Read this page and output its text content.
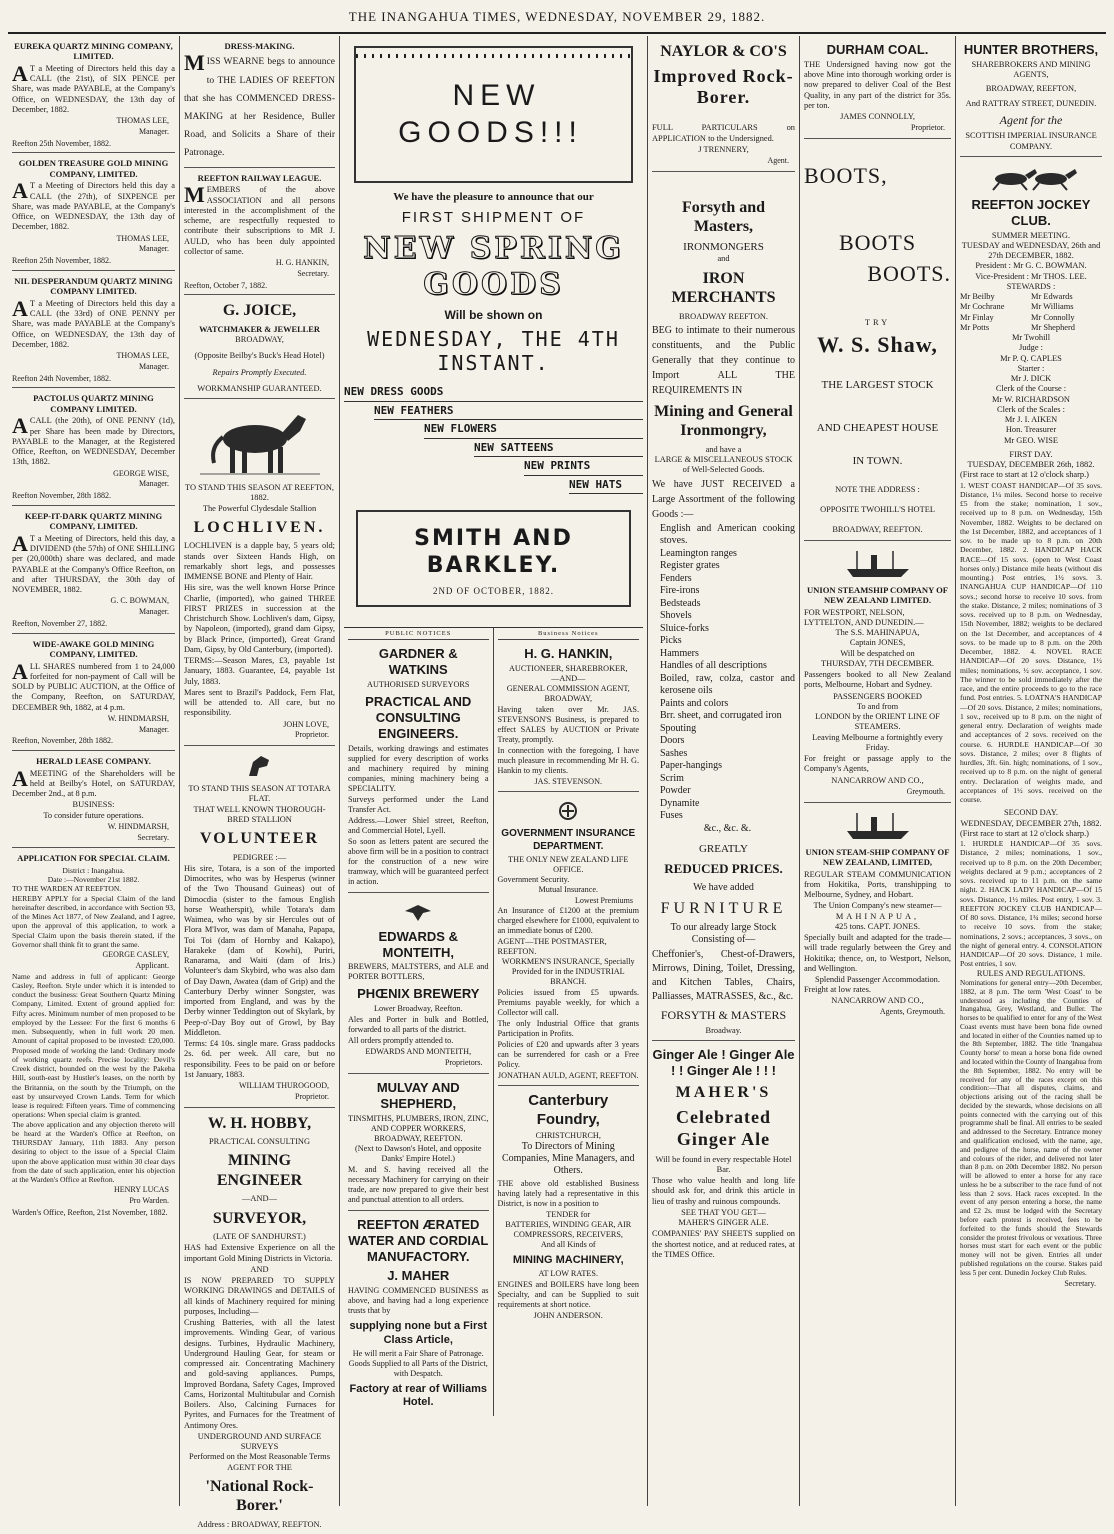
THE INANGAHUA TIMES, WEDNESDAY, NOVEMBER 29, 1882.
EUREKA QUARTZ MINING COMPANY, LIMITED.

A T a Meeting of Directors held this day a CALL (the 21st), of SIX PENCE per Share, was made PAYABLE, at the Company's Office, on WEDNESDAY, the 13th day of December, 1882.

THOMAS LEE,
Manager.
Reefton 25th November, 1882.
GOLDEN TREASURE GOLD MINING COMPANY, LIMITED.

A T a Meeting of Directors held this day a CALL (the 27th), of SIXPENCE per Share, was made PAYABLE, at the Company's Office, on WEDNESDAY, the 13th day of December, 1882.

THOMAS LEE,
Manager.
Reefton 25th November, 1882.
NIL DESPERANDUM QUARTZ MINING COMPANY LIMITED.

A T a Meeting of Directors held this day a CALL (the 33rd) of ONE PENNY per Share, was made PAYABLE at the Company's Office, on WEDNESDAY, the 13th day of December, 1882.

THOMAS LEE,
Manager.
Reefton 24th November, 1882.
PACTOLUS QUARTZ MINING COMPANY LIMITED.

ACALL (the 20th), of ONE PENNY (1d), per Share has been made by Directors, PAYABLE to the Manager, at the Registered Office, Reefton, on WEDNESDAY, December 13th, 1882.

GEORGE WISE,
Manager.
Reefton November, 28th 1882.
KEEP-IT-DARK QUARTZ MINING COMPANY, LIMITED.

A T a Meeting of Directors, held this day, a DIVIDEND (the 57th) of ONE SHILLING per (20,000th) share was declared, and made PAYABLE at the Company's Office Reefton, on and after THURSDAY, the 30th day of NOVEMBER, 1882.

G. C. BOWMAN,
Manager.
Reefton, November 27, 1882.
WIDE-AWAKE GOLD MINING COMPANY, LIMITED.

ALL SHARES numbered from 1 to 24,000 forfeited for non-payment of Call will be SOLD by PUBLIC AUCTION, at the Office of the Company, Reefton, on SATURDAY, DECEMBER 9th, 1882, at 4 p.m.

W. HINDMARSH,
Manager.
Reefton, November, 28th 1882.
HERALD LEASE COMPANY.

AMEETING of the Shareholders will be held at Beilby's Hotel, on SATURDAY, December 2nd., at 8 p.m.

BUSINESS:
To consider future operations.
W. HINDMARSH,
Secretary.
APPLICATION FOR SPECIAL CLAIM.
District : Inangahua.
Date :—November 21st 1882.
TO THE WARDEN AT REEFTON.

HEREBY APPLY for a Special Claim of the land hereinafter described, in accordance with Section 93, of the Mines Act 1877, of New Zealand, and I agree, upon the approval of this application, to work a Special Claim upon the basis therein stated, if the Governor shall think fit to grant the same.

GEORGE CASLEY,
Applicant.

Name and address in full of applicant: George Casley, Reefton. Style under which it is intended to conduct the business: Great Southern Quartz Mining Company, Limited. Extent of ground applied for: Fifty acres. Minimum number of men proposed to be employed by the Lessee: For the first 6 months 6 men. Subsequently, when in full work 20 men. Amount of capital proposed to be invested: £20,000. Proposed mode of working the land: Ordinary mode of working quartz reefs. Precise locality: Devil's Creek district, bounded on the west by the Pakeha Hill, south-east by Hustler's leases, on the north by the Britannia, on the south by the Triumph, on the east by unsurveyed Crown Lands. Term for which lease is required: Fifteen years. Time of commencing operations: When special claim is granted.

The above application and any objection thereto will be heard at the Warden's Office at Reefton, on THURSDAY January, 11th 1883. Any person desiring to object to the issue of a Special Claim upon the above application must within 30 clear days from the date of such application, enter his objection at the Warden's Office at Reefton.

HENRY LUCAS
Pro Warden.
Warden's Office, Reefton, 21st November, 1882.
DRESS-MAKING.

MISS WEARNE begs to announce to THE LADIES OF REEFTON that she has COMMENCED DRESS-MAKING at her Residence, Buller Road, and Solicits a Share of their Patronage.

REEFTON RAILWAY LEAGUE.

MEMBERS of the above ASSOCIATION and all persons interested in the accomplishment of the scheme, are respectfully requested to contribute their subscriptions to MR J. AULD, who has been duly appointed collector of same.

H. G. HANKIN,
Secretary.
Reefton, October 7, 1882.
G. JOICE,
WATCHMAKER & JEWELLER
BROADWAY,
(Opposite Beilby's Buck's Head Hotel)
Repairs Promptly Executed.
WORKMANSHIP GUARANTEED.
TO STAND THIS SEASON AT REEFTON, 1882.
The Powerful Clydesdale Stallion
LOCHLIVEN.

LOCHLIVEN is a dapple bay, 5 years old; stands over Sixteen Hands High, on remarkably short legs, and possesses IMMENSE BONE and Plenty of Hair.

His sire, was the well known Horse Prince Charlie, (imported), who gained THREE FIRST PRIZES in succession at the Christchurch Show. Lochliven's dam, Gipsy, by Napoleon, (imported), grand dam Gipsy, by Black Prince, (imported), Great Grand Dam, Gipsy, by Old Canterbury, (imported).

TERMS:—Season Mares, £3, payable 1st January, 1883. Guarantee, £4, payable 1st July, 1883.

Mares sent to Brazil's Paddock, Fern Flat, will be attended to. All care, but no responsibility.

JOHN LOVE,
Proprietor.
TO STAND THIS SEASON AT TOTARA FLAT.
THAT WELL KNOWN THOROUGH-BRED STALLION
VOLUNTEER
PEDIGREE :—

His sire, Totara, is a son of the imported Dimocrites, who was by Hesperus (winner of the Two Thousand Guineas) out of Dimocdia (sister to the famous English horse Weatherspit), while Totara's dam Waimea, who was by sir Hercules out of Flora M'Ivor, was dam of Manaha, Papapa, Toi Toi (dam of Hornby and Kakapo), Harakeke (dam of Kowhi), Puriri, Ranarama, and Waiti (dam of Iris.) Volunteer's dam Skybird, who was also dam of Day Dawn, Awatea (dam of Grip) and the Canterbury Derby winner Songster, was imported from England, and was by the Derby winner Teddington out of Skylark, by Peep-o'-Day Boy out of Growl, by Bay Middleton.

Terms: £4 10s. single mare. Grass paddocks 2s. 6d. per week. All care, but no responsibility. Fees to be paid on or before 1st January, 1883.

WILLIAM THUROGOOD,
Proprietor.
W. H. HOBBY,
PRACTICAL CONSULTING
MINING ENGINEER
—AND—
SURVEYOR,
(LATE OF SANDHURST.)

HAS had Extensive Experience on all the important Gold Mining Districts in Victoria.

AND

IS NOW PREPARED TO SUPPLY WORKING DRAWINGS and DETAILS of all kinds of Machinery required for mining purposes, Including—

Crushing Batteries, with all the latest improvements. Winding Gear, of various designs. Turbines, Hydraulic Machinery, Underground Hauling Gear, for steam or compressed air. Concentrating Machinery and gold-saving appliances. Pumps, Improved Bordana, Safety Cages, Improved Cams, Horizontal Multitubular and Cornish Boilers. Also, Calcining Furnaces for Pyrites, and Furnaces for the Treatment of Antimony Ores.

UNDERGROUND AND SURFACE SURVEYS
Performed on the Most Reasonable Terms
AGENT FOR THE
'National Rock-Borer.'
Address : BROADWAY, REEFTON.
NEW GOODS!!!
We have the pleasure to announce that our
FIRST SHIPMENT OF
NEW SPRING GOODS
Will be shown on
WEDNESDAY, THE 4TH INSTANT.
NEW DRESS GOODS
NEW FEATHERS
NEW FLOWERS
NEW SATTEENS
NEW PRINTS
NEW HATS
SMITH AND BARKLEY.
2ND OF OCTOBER, 1882.
PUBLIC NOTICES
GARDNER & WATKINS
AUTHORISED SURVEYORS
PRACTICAL AND CONSULTING ENGINEERS.

Details, working drawings and estimates supplied for every description of works and machinery required by mining companies, mining machinery being a SPECIALITY.

Surveys performed under the Land Transfer Act.

Address.—Lower Shiel street, Reefton, and Commercial Hotel, Lyell.

So soon as letters patent are secured the above firm will be in a position to contract for the construction of a new wire tramway, which will be guaranteed perfect in action.

EDWARDS & MONTEITH,

BREWERS, MALTSTERS, and ALE and PORTER BOTTLERS,

PHŒNIX BREWERY
Lower Broadway, Reefton.

Ales and Porter in bulk and Bottled, forwarded to all parts of the district.

All orders promptly attended to.

EDWARDS AND MONTEITH,
Proprietors.
MULVAY AND SHEPHERD,
TINSMITHS, PLUMBERS, IRON, ZINC, AND COPPER WORKERS,
BROADWAY, REEFTON.
(Next to Dawson's Hotel, and opposite Danks' Empire Hotel.)

M. and S. having received all the necessary Machinery for carrying on their trade, are now prepared to give their best and punctual attention to all orders.

REEFTON ÆRATED WATER AND CORDIAL MANUFACTORY.
J. MAHER

HAVING COMMENCED BUSINESS as above, and having had a long experience trusts that by

supplying none but a First Class Article,
He will merit a Fair Share of Patronage.
Goods Supplied to all Parts of the District, with Despatch.
Factory at rear of Williams Hotel.
Business Notices
H. G. HANKIN,
AUCTIONEER, SHAREBROKER,
—AND—
GENERAL COMMISSION AGENT,
BROADWAY,

Having taken over Mr. JAS. STEVENSON'S Business, is prepared to effect SALES by AUCTION or Private Treaty, promptly.

In connection with the foregoing, I have much pleasure in recommending Mr H. G. Hankin to my clients.

JAS. STEVENSON.
GOVERNMENT INSURANCE DEPARTMENT.
THE ONLY NEW ZEALAND LIFE OFFICE.
Government Security.
Mutual Insurance.
Lowest Premiums

An Insurance of £1200 at the premium charged elsewhere for £1000, equivalent to an immediate bonus of £200.

AGENT—THE POSTMASTER, REEFTON.
WORKMEN'S INSURANCE, Specially Provided for in the INDUSTRIAL BRANCH.

Policies issued from £5 upwards. Premiums payable weekly, for which a Collector will call.

The only Industrial Office that grants Participation in Profits.

Policies of £20 and upwards after 3 years can be surrendered for cash or a Free Policy.

JONATHAN AULD, AGENT, REEFTON.
Canterbury Foundry,
CHRISTCHURCH,
To Directors of Mining Companies, Mine Managers, and Others.

THE above old established Business having lately had a representative in this District, is now in a position to

TENDER for
BATTERIES, WINDING GEAR, AIR COMPRESSORS, RECEIVERS,
And all Kinds of
MINING MACHINERY,
AT LOW RATES.

ENGINES and BOILERS have long been Specialty, and can be Supplied to suit requirements at short notice.

JOHN ANDERSON.
NAYLOR & CO'S
Improved Rock-Borer.

FULL PARTICULARS on APPLICATION to the Undersigned.

J TRENNERY,
Agent.
Forsyth and Masters,
IRONMONGERS
and
IRON MERCHANTS
BROADWAY REEFTON.

BEG to intimate to their numerous constituents, and the Public Generally that they continue to Import ALL THE REQUIREMENTS IN

Mining and General Ironmongry,
and have a
LARGE & MISCELLANEOUS STOCK
of Well-Selected Goods.

We have JUST RECEIVED a Large Assortment of the following Goods :—

English and American cooking stoves.

Leamington ranges

Register grates

Fenders

Fire-irons

Bedsteads

Shovels

Sluice-forks

Picks

Hammers

Handles of all descriptions

Boiled, raw, colza, castor and kerosene oils

Paints and colors

Brr. sheet, and corrugated iron

Spouting

Doors

Sashes

Paper-hangings

Scrim

Powder

Dynamite

Fuses

&c., &c. &.

GREATLY
REDUCED PRICES.
We have added
FURNITURE
To our already large Stock Consisting of—

Cheffonier's, Chest-of-Drawers, Mirrows, Dining, Toilet, Dressing, and Kitchen Tables, Chairs, Palliasses, MATRASSES, &c., &c.

FORSYTH & MASTERS
Broadway.
Ginger Ale ! Ginger Ale ! ! Ginger Ale ! ! !
MAHER'S
Celebrated Ginger Ale
Will be found in every respectable Hotel Bar.

Those who value health and long life should ask for, and drink this article in lieu of trashy and ruinous compounds.

SEE THAT YOU GET—
MAHER'S GINGER ALE.

COMPANIES' PAY SHEETS supplied on the shortest notice, and at reduced rates, at the TIMES Office.

DURHAM COAL.

THE Undersigned having now got the above Mine into thorough working order is now prepared to deliver Coal of the Best Quality, in any part of the district for 35s. per ton.

JAMES CONNOLLY,
Proprietor.
BOOTS,
BOOTS
BOOTS.
TRY
W. S. Shaw,
THE LARGEST STOCK
AND CHEAPEST HOUSE
IN TOWN.
NOTE THE ADDRESS :
OPPOSITE TWOHILL'S HOTEL
BROADWAY, REEFTON.
UNION STEAMSHIP COMPANY OF NEW ZEALAND LIMITED.
FOR WESTPORT, NELSON, LYTTELTON, AND DUNEDIN.—
The S.S. MAHINAPUA,
Captain JONES,
Will be despatched on
THURSDAY, 7TH DECEMBER.

Passengers booked to all New Zealand ports, Melbourne, Hobart and Sydney.

PASSENGERS BOOKED
To and from
LONDON by the ORIENT LINE OF STEAMERS.
Leaving Melbourne a fortnightly every Friday.

For freight or passage apply to the Company's Agents,

NANCARROW AND CO.,
Greymouth.
UNION STEAM-SHIP COMPANY OF NEW ZEALAND, LIMITED,

REGULAR STEAM COMMUNICATION from Hokitika, Ports, transhipping to Melbourne, Sydney, and Hobart.

The Union Company's new steamer—
MAHINAPUA,
425 tons. CAPT. JONES.

Specially built and adapted for the trade— will trade regularly between the Grey and Hokitika; thence, on, to Westport, Nelson, and Wellington.

Splendid Passenger Accommodation.
Freight at low rates.
NANCARROW AND CO.,
Agents, Greymouth.
HUNTER BROTHERS,
SHAREBROKERS AND MINING AGENTS,
BROADWAY, REEFTON,
And RATTRAY STREET, DUNEDIN.
Agent for the
SCOTTISH IMPERIAL INSURANCE COMPANY.
REEFTON JOCKEY CLUB.
SUMMER MEETING.
TUESDAY and WEDNESDAY, 26th and 27th DECEMBER, 1882.
President : Mr G. C. BOWMAN.
Vice-President : Mr THOS. LEE.
STEWARDS :
Mr Beilby
Mr Cochrane
Mr Finlay
Mr Potts
Mr Edwards
Mr Williams
Mr Connolly
Mr Shepherd
Mr Twohill
Judge :
Mr P. Q. CAPLES
Starter :
Mr J. DICK
Clerk of the Course :
Mr W. RICHARDSON
Clerk of the Scales :
Mr J. I. AIKEN
Hon. Treasurer
Mr GEO. WISE
FIRST DAY.
TUESDAY, DECEMBER 26th, 1882.
(First race to start at 12 o'clock sharp.)

1. WEST COAST HANDICAP—Of 35 sovs. Distance, 1¼ miles. Second horse to receive £5 from the stake; nomination, 1 sov., received up to 8 p.m. on Wednesday, 15th November, 1882. Weights to be declared on the 1st December, 1882, and acceptances of 1 sov. to be made up to 8 p.m. on 20th December, 1882. 2. HANDICAP HACK RACE—Of 15 sovs. (open to West Coast horses only.) Distance mile heats (without dis mounting.) Post entries, 1½ sovs. 3. INANGAHUA CUP HANDICAP—Of 110 sovs.; second horse to receive 10 sovs. from the stake. Distance, 2 miles; nominations of 3 sovs. received up to 8 p.m. on Wednesday, 15th November, 1882; weights to be declared on the 1st December, and acceptances of 4 sovs. to be made up to 8 p.m. on the 20th December, 1882. 4. NOVEL RACE HANDICAP—Of 20 sovs. Distance, 1½ miles; nominations, ½ sov. acceptance, 1 sov. The winner to be sold immediately after the race, and the entire proceeds to go to the race fund. Post entries. 5. LOATNA'S HANDICAP—Of 20 sovs. Distance, 2 miles; nominations, 1 sov., received up to 8 p.m. on the night of general entry. Declaration of weights made and acceptances of 2 sovs. received on the course. 6. HURDLE HANDICAP—Of 30 sovs. Distance, 2 miles; over 8 flights of hurdles, 3ft. 6in. high; nominations, of 1 sov., received up to 8 p.m. on the night of general entry. Declaration of weights made, and acceptances of 1½ sovs. received on the course.

SECOND DAY.
WEDNESDAY, DECEMBER 27th, 1882.
(First race to start at 12 o'clock sharp.)

1. HURDLE HANDICAP—Of 35 sovs. Distance, 2 miles; nominations, 1 sov., received up to 8 p.m. on the 20th December; weights declared at 9 p.m.; acceptances of 2 sovs. received up to 11 p.m. on the same night. 2. HACK LADY HANDICAP—Of 15 sovs. Distance, 1½ miles. Post entry, 1 sov. 3. REEFTON JOCKEY CLUB HANDICAP—Of 80 sovs. Distance, 1¾ miles; second horse to receive 10 sovs. from the stake; nominations, 2 sovs.; acceptances, 3 sovs., on the night of general entry. 4. CONSOLATION HANDICAP—Of 20 sovs. Distance, 1 mile. Post entries, 1 sov.

RULES AND REGULATIONS.

Nominations for general entry—20th December, 1882, at 8 p.m. The term 'West Coast' to be understood as including the Counties of Inangahua, Grey, Westland, and Buller. The horses to be qualified to enter for any of the West Coast events must have been bona fide owned and located in either of the Counties named up to the 8th September, 1882. The title 'Inangahua County horse' to mean a horse bona fide owned and located within the County of Inangahua from the 8th September, 1882. No entry will be received for any of the races except on this condition:—That all disputes, claims, and objections arising out of the racing shall be decided by the stewards, whose decisions on all points connected with the carrying out of this programme shall be final. All entries to be sealed and addressed to the Secretary. Entrance money and qualification enclosed, with the name, age, and pedigree of the horse, name of the owner and colours of the rider, and delivered not later than 8 p.m. on 20th December 1882. No person will be allowed to enter a horse for any race unless he be a subscriber to the race fund of not less than 2 sovs. Hack races excepted. In the event of any person entering a horse, the name and £2 2s. must be lodged with the Secretary before each protest is received, fees to be forfeited to the funds should the Stewards consider the protest frivolous or vexatious. Three horses must start for each event or the public money will not be given. Entries all under published regulations on the course. Stakes paid less 5 per cent. Dunedin Jockey Club Rules.

Secretary.
